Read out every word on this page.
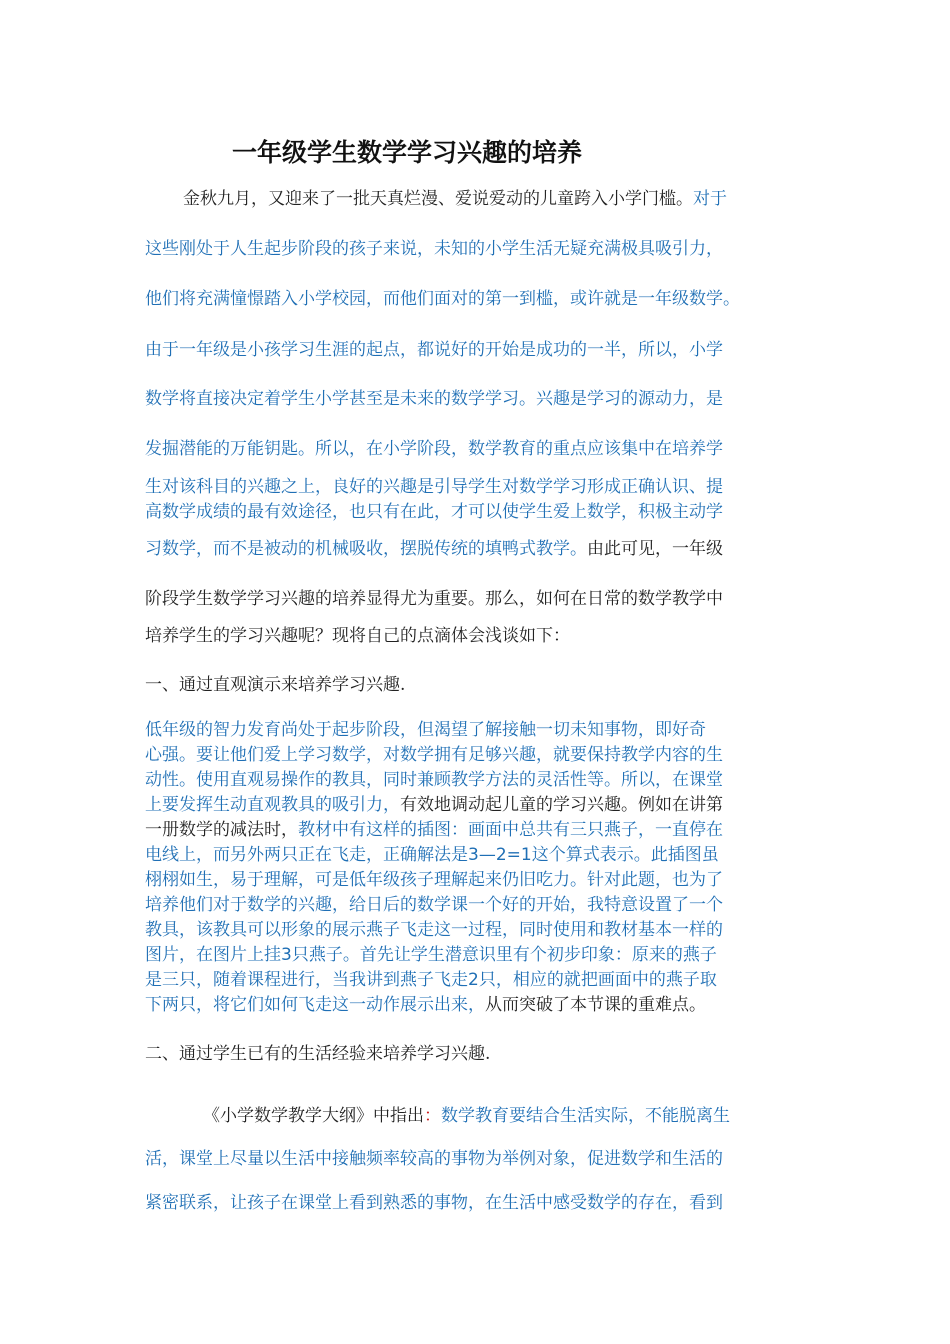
一年级学生数学学习兴趣的培养
金秋九月，又迎来了一批天真烂漫、爱说爱动的儿童跨入小学门槛。对于
这些刚处于人生起步阶段的孩子来说，未知的小学生活无疑充满极具吸引力，
他们将充满憧憬踏入小学校园，而他们面对的第一到槛，或许就是一年级数学。
由于一年级是小孩学习生涯的起点，都说好的开始是成功的一半，所以，小学
数学将直接决定着学生小学甚至是未来的数学学习。兴趣是学习的源动力，是
发掘潜能的万能钥匙。所以，在小学阶段，数学教育的重点应该集中在培养学
生对该科目的兴趣之上，良好的兴趣是引导学生对数学学习形成正确认识、提
高数学成绩的最有效途径，也只有在此，才可以使学生爱上数学，积极主动学
习数学，而不是被动的机械吸收，摆脱传统的填鸭式教学。由此可见，一年级
阶段学生数学学习兴趣的培养显得尤为重要。那么，如何在日常的数学教学中
培养学生的学习兴趣呢？现将自己的点滴体会浅谈如下：
一、通过直观演示来培养学习兴趣.
低年级的智力发育尚处于起步阶段，但渴望了解接触一切未知事物，即好奇
心强。要让他们爱上学习数学，对数学拥有足够兴趣，就要保持教学内容的生
动性。使用直观易操作的教具，同时兼顾教学方法的灵活性等。所以，在课堂
上要发挥生动直观教具的吸引力，有效地调动起儿童的学习兴趣。例如在讲第
一册数学的减法时，教材中有这样的插图：画面中总共有三只燕子，一直停在
电线上，而另外两只正在飞走，正确解法是3—2=1这个算式表示。此插图虽
栩栩如生，易于理解，可是低年级孩子理解起来仍旧吃力。针对此题，也为了
培养他们对于数学的兴趣，给日后的数学课一个好的开始，我特意设置了一个
教具，该教具可以形象的展示燕子飞走这一过程，同时使用和教材基本一样的
图片，在图片上挂3只燕子。首先让学生潜意识里有个初步印象：原来的燕子
是三只，随着课程进行，当我讲到燕子飞走2只，相应的就把画面中的燕子取
下两只，将它们如何飞走这一动作展示出来，从而突破了本节课的重难点。
二、通过学生已有的生活经验来培养学习兴趣.
《小学数学教学大纲》中指出：数学教育要结合生活实际，不能脱离生
活，课堂上尽量以生活中接触频率较高的事物为举例对象，促进数学和生活的
紧密联系，让孩子在课堂上看到熟悉的事物，在生活中感受数学的存在，看到
